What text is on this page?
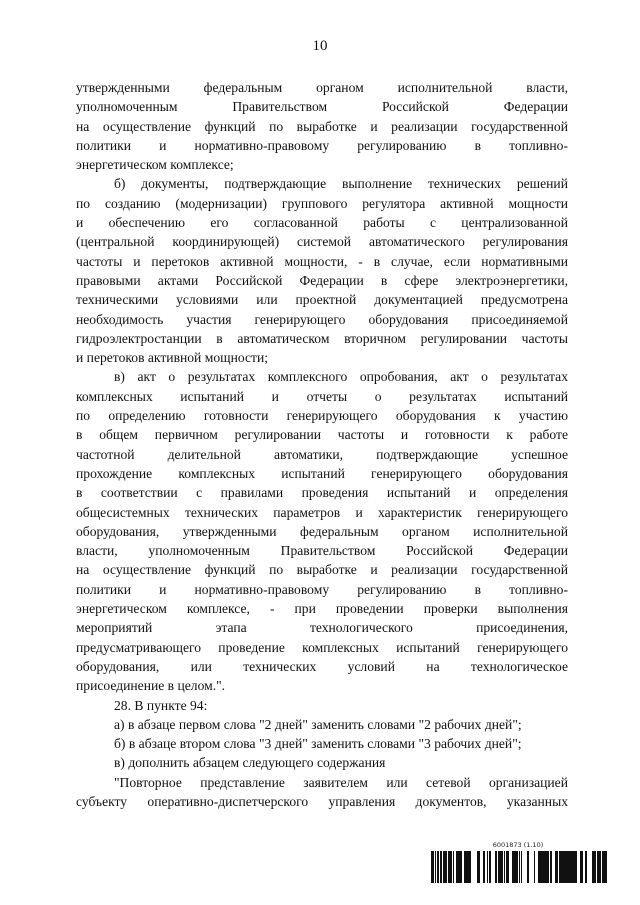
10
утвержденными федеральным органом исполнительной власти,
уполномоченным Правительством Российской Федерации
на осуществление функций по выработке и реализации государственной
политики и нормативно-правовому регулированию в топливно-
энергетическом комплексе;
б) документы, подтверждающие выполнение технических решений
по созданию (модернизации) группового регулятора активной мощности
и обеспечению его согласованной работы с централизованной
(центральной координирующей) системой автоматического регулирования
частоты и перетоков активной мощности, - в случае, если нормативными
правовыми актами Российской Федерации в сфере электроэнергетики,
техническими условиями или проектной документацией предусмотрена
необходимость участия генерирующего оборудования присоединяемой
гидроэлектростанции в автоматическом вторичном регулировании частоты
и перетоков активной мощности;
в) акт о результатах комплексного опробования, акт о результатах
комплексных испытаний и отчеты о результатах испытаний
по определению готовности генерирующего оборудования к участию
в общем первичном регулировании частоты и готовности к работе
частотной делительной автоматики, подтверждающие успешное
прохождение комплексных испытаний генерирующего оборудования
в соответствии с правилами проведения испытаний и определения
общесистемных технических параметров и характеристик генерирующего
оборудования, утвержденными федеральным органом исполнительной
власти, уполномоченным Правительством Российской Федерации
на осуществление функций по выработке и реализации государственной
политики и нормативно-правовому регулированию в топливно-
энергетическом комплексе, - при проведении проверки выполнения
мероприятий этапа технологического присоединения,
предусматривающего проведение комплексных испытаний генерирующего
оборудования, или технических условий на технологическое
присоединение в целом.".
28. В пункте 94:
а) в абзаце первом слова "2 дней" заменить словами "2 рабочих дней";
б) в абзаце втором слова "3 дней" заменить словами "3 рабочих дней";
в) дополнить абзацем следующего содержания
"Повторное представление заявителем или сетевой организацией
субъекту оперативно-диспетчерского управления документов, указанных
6001873 (1.10)
